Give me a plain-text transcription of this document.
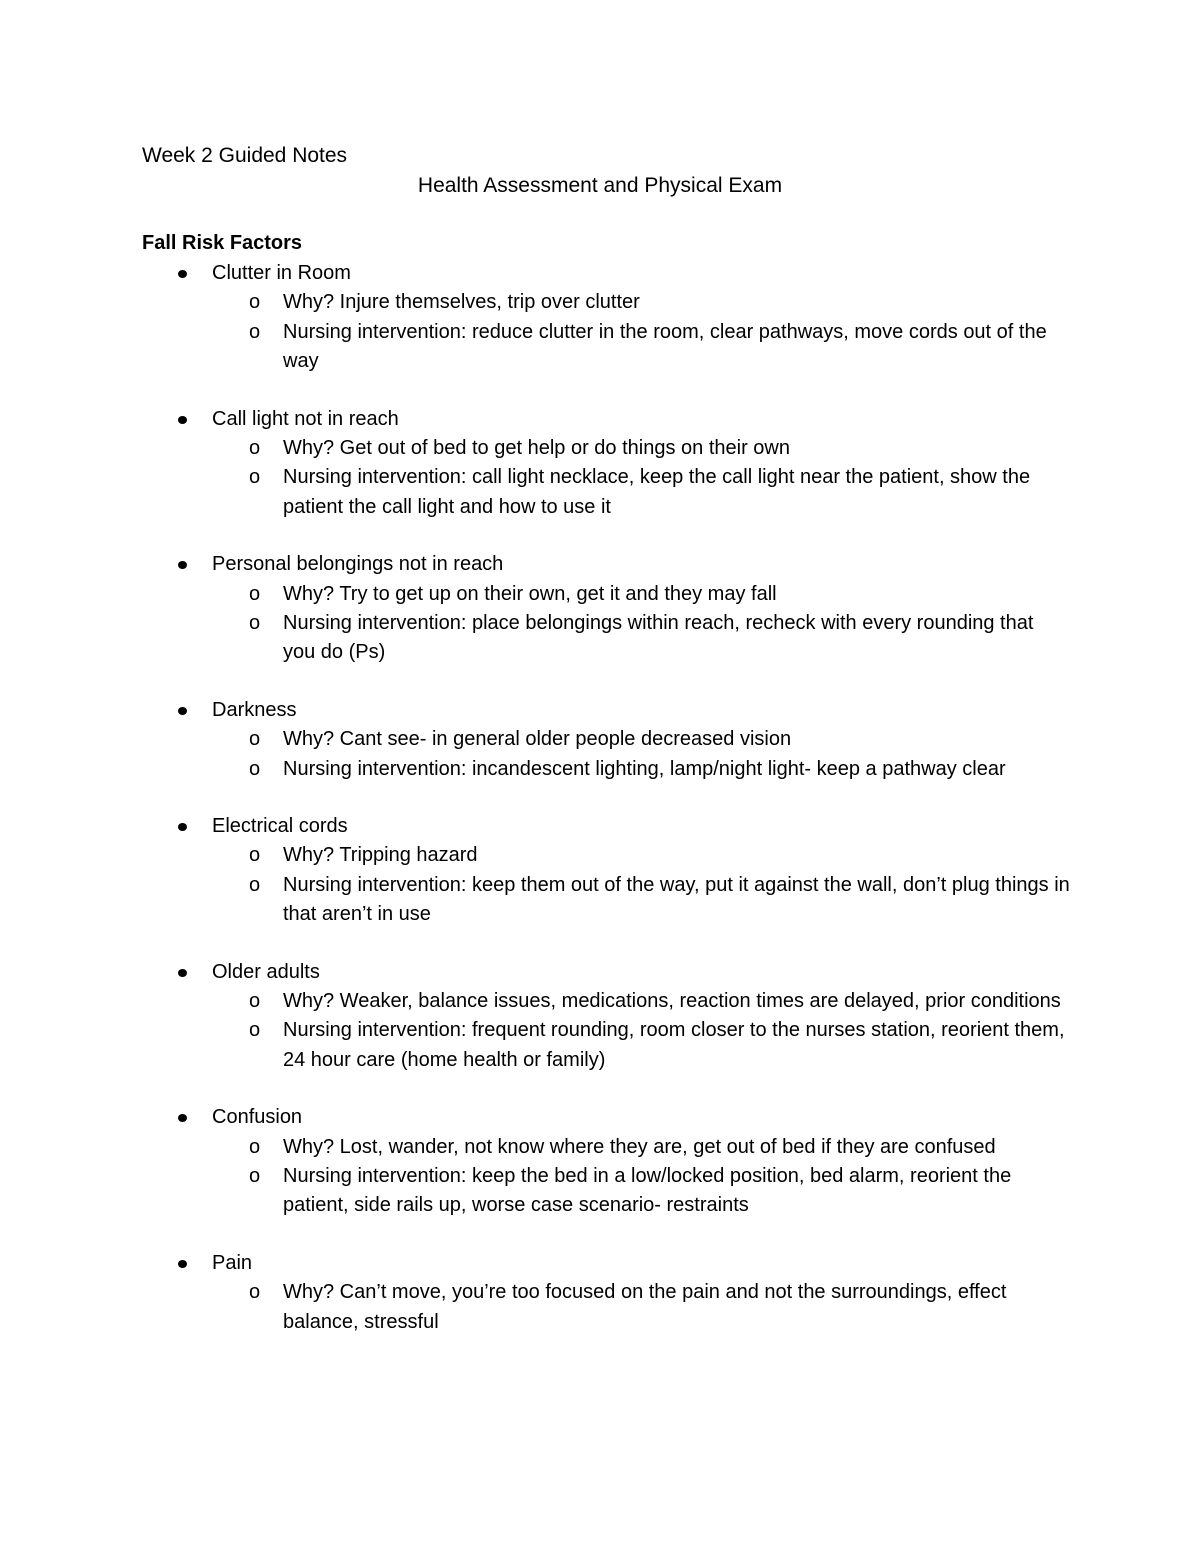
Week 2 Guided Notes
Health Assessment and Physical Exam
Fall Risk Factors
Clutter in Room
o Why? Injure themselves, trip over clutter
o Nursing intervention: reduce clutter in the room, clear pathways, move cords out of the way
Call light not in reach
o Why? Get out of bed to get help or do things on their own
o Nursing intervention: call light necklace, keep the call light near the patient, show the patient the call light and how to use it
Personal belongings not in reach
o Why? Try to get up on their own, get it and they may fall
o Nursing intervention: place belongings within reach, recheck with every rounding that you do (Ps)
Darkness
o Why? Cant see- in general older people decreased vision
o Nursing intervention: incandescent lighting, lamp/night light- keep a pathway clear
Electrical cords
o Why? Tripping hazard
o Nursing intervention: keep them out of the way, put it against the wall, don’t plug things in that aren’t in use
Older adults
o Why? Weaker, balance issues, medications, reaction times are delayed, prior conditions
o Nursing intervention: frequent rounding, room closer to the nurses station, reorient them, 24 hour care (home health or family)
Confusion
o Why? Lost, wander, not know where they are, get out of bed if they are confused
o Nursing intervention: keep the bed in a low/locked position, bed alarm, reorient the patient, side rails up, worse case scenario- restraints
Pain
o Why? Can’t move, you’re too focused on the pain and not the surroundings, effect balance, stressful
